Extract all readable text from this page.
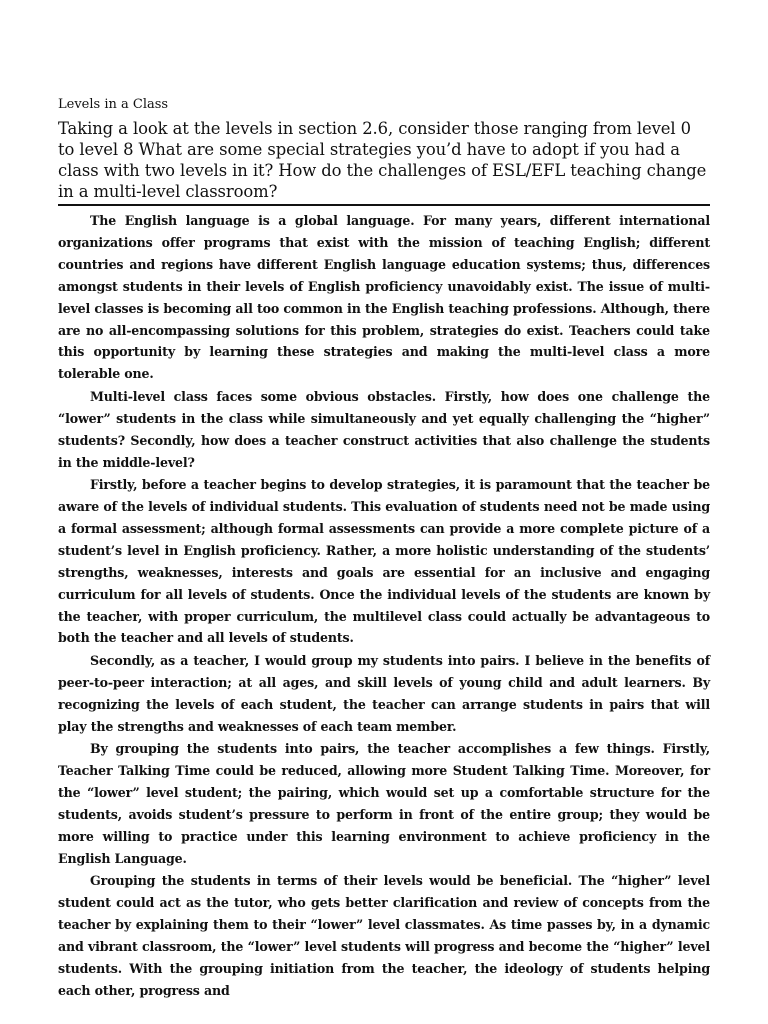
Levels in a Class
Taking a look at the levels in section 2.6, consider those ranging from level 0 to level 8 What are some special strategies you’d have to adopt if you had a class with two levels in it? How do the challenges of ESL/EFL teaching change in a multi-level classroom?

The English language is a global language. For many years, different international organizations offer programs that exist with the mission of teaching English; different countries and regions have different English language education systems; thus, differences amongst students in their levels of English proficiency unavoidably exist. The issue of multi-level classes is becoming all too common in the English teaching professions. Although, there are no all-encompassing solutions for this problem, strategies do exist. Teachers could take this opportunity by learning these strategies and making the multi-level class a more tolerable one.

Multi-level class faces some obvious obstacles. Firstly, how does one challenge the “lower” students in the class while simultaneously and yet equally challenging the “higher” students? Secondly, how does a teacher construct activities that also challenge the students in the middle-level?

Firstly, before a teacher begins to develop strategies, it is paramount that the teacher be aware of the levels of individual students. This evaluation of students need not be made using a formal assessment; although formal assessments can provide a more complete picture of a student’s level in English proficiency. Rather, a more holistic understanding of the students’ strengths, weaknesses, interests and goals are essential for an inclusive and engaging curriculum for all levels of students. Once the individual levels of the students are known by the teacher, with proper curriculum, the multilevel class could actually be advantageous to both the teacher and all levels of students.

Secondly, as a teacher, I would group my students into pairs. I believe in the benefits of peer-to-peer interaction; at all ages, and skill levels of young child and adult learners. By recognizing the levels of each student, the teacher can arrange students in pairs that will play the strengths and weaknesses of each team member.

By grouping the students into pairs, the teacher accomplishes a few things. Firstly, Teacher Talking Time could be reduced, allowing more Student Talking Time. Moreover, for the “lower” level student; the pairing, which would set up a comfortable structure for the students, avoids student’s pressure to perform in front of the entire group; they would be more willing to practice under this learning environment to achieve proficiency in the English Language.

Grouping the students in terms of their levels would be beneficial. The “higher” level student could act as the tutor, who gets better clarification and review of concepts from the teacher by explaining them to their “lower” level classmates. As time passes by, in a dynamic and vibrant classroom, the “lower” level students will progress and become the “higher” level students. With the grouping initiation from the teacher, the ideology of students helping each other, progress and
